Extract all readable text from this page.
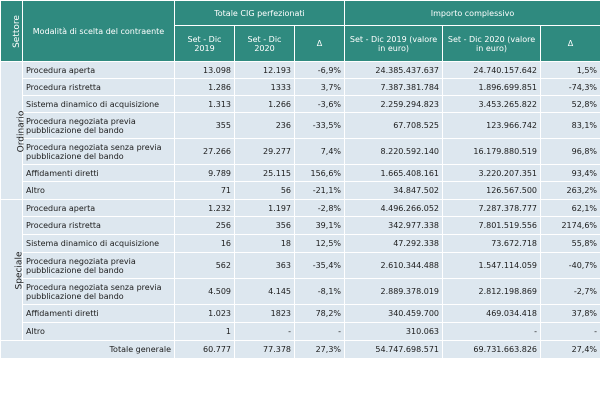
Settore	Modalità di scelta del contraente	Totale CIG perfezionati			Importo complessivo		
		Set - Dic 2019	Set - Dic 2020	Δ	Set - Dic 2019 (valore in euro)	Set - Dic 2020 (valore in euro)	Δ
Ordinario	Procedura aperta	13.098	12.193	-6,9%	24.385.437.637	24.740.157.642	1,5%
	Procedura ristretta	1.286	1333	3,7%	7.387.381.784	1.896.699.851	-74,3%
	Sistema dinamico di acquisizione	1.313	1.266	-3,6%	2.259.294.823	3.453.265.822	52,8%
	Procedura negoziata previa pubblicazione del bando	355	236	-33,5%	67.708.525	123.966.742	83,1%
	Procedura negoziata senza previa pubblicazione del bando	27.266	29.277	7,4%	8.220.592.140	16.179.880.519	96,8%
	Affidamenti diretti	9.789	25.115	156,6%	1.665.408.161	3.220.207.351	93,4%
	Altro	71	56	-21,1%	34.847.502	126.567.500	263,2%
Speciale	Procedura aperta	1.232	1.197	-2,8%	4.496.266.052	7.287.378.777	62,1%
	Procedura ristretta	256	356	39,1%	342.977.338	7.801.519.556	2174,6%
	Sistema dinamico di acquisizione	16	18	12,5%	47.292.338	73.672.718	55,8%
	Procedura negoziata previa pubblicazione del bando	562	363	-35,4%	2.610.344.488	1.547.114.059	-40,7%
	Procedura negoziata senza previa pubblicazione del bando	4.509	4.145	-8,1%	2.889.378.019	2.812.198.869	-2,7%
	Affidamenti diretti	1.023	1823	78,2%	340.459.700	469.034.418	37,8%
	Altro	1	-	-	310.063	-	-
Totale generale		60.777	77.378	27,3%	54.747.698.571	69.731.663.826	27,4%
